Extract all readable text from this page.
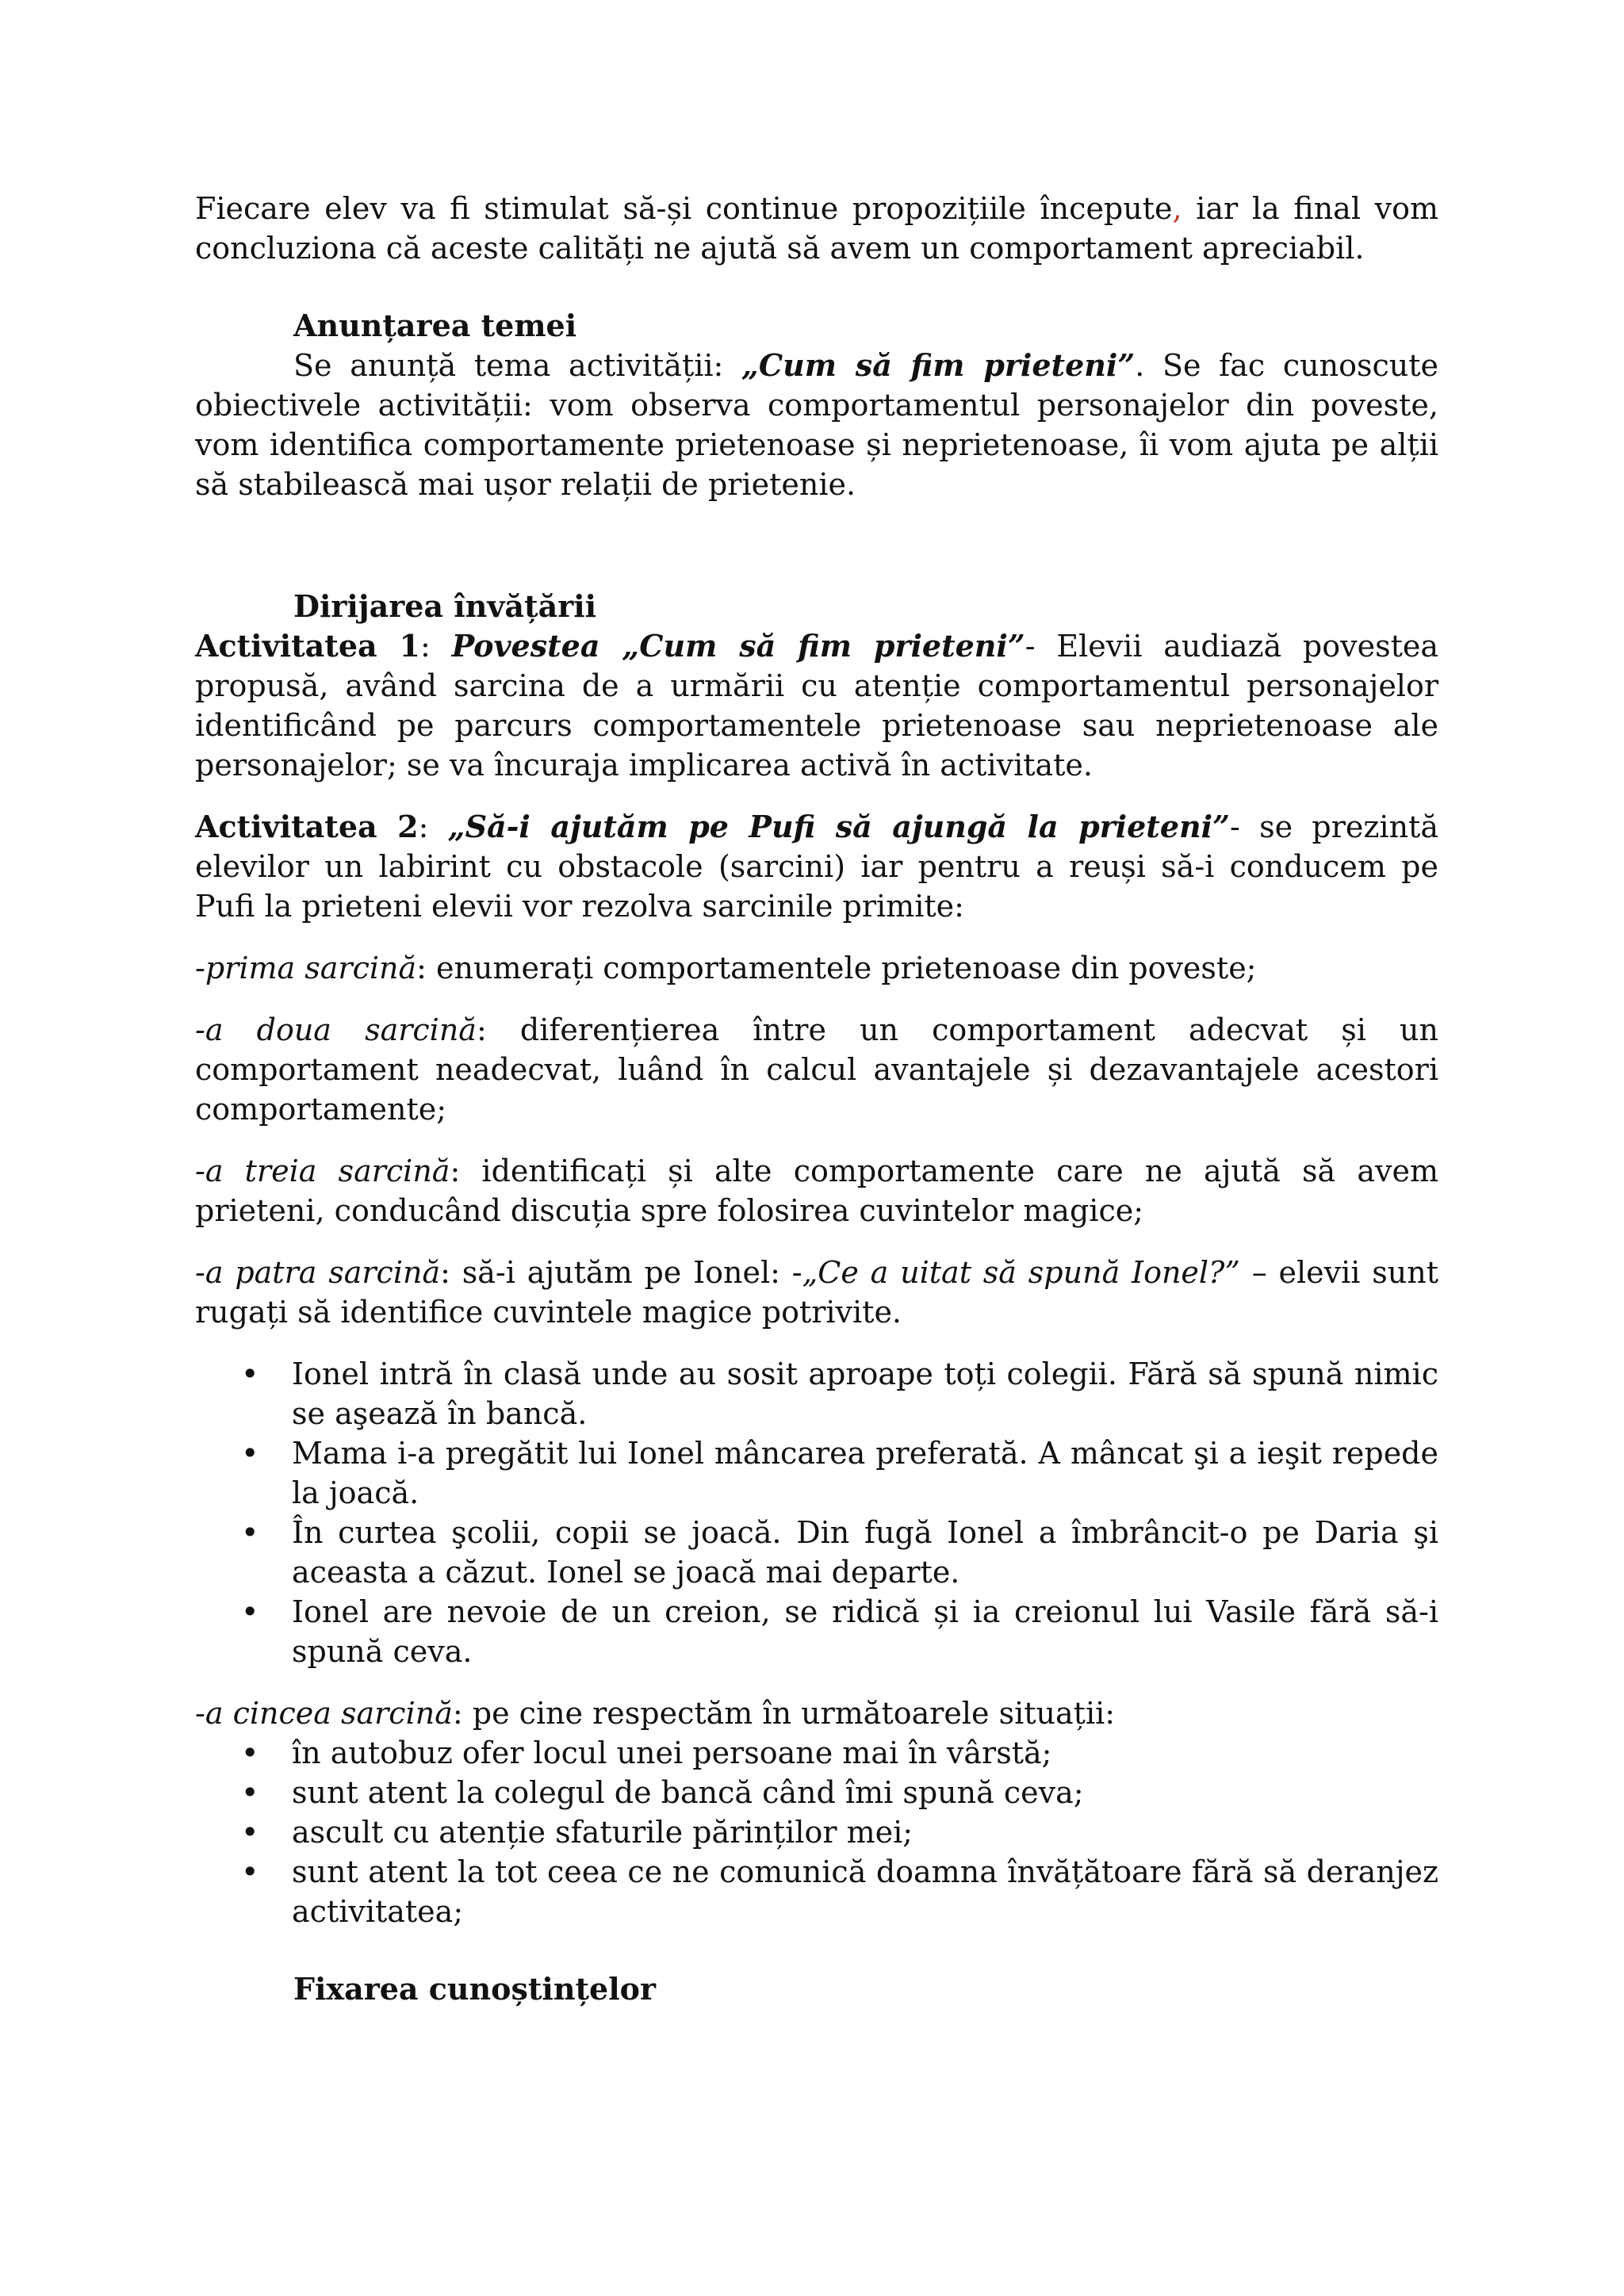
Fiecare elev va fi stimulat să-și continue propozițiile începute, iar la final vom concluziona că aceste calități ne ajută să avem un comportament apreciabil.

Anunțarea temei

Se anunță tema activității: „Cum să fim prieteni”. Se fac cunoscute obiectivele activității: vom observa comportamentul personajelor din poveste, vom identifica comportamente prietenoase și neprietenoase, îi vom ajuta pe alții să stabilească mai ușor relații de prietenie.

Dirijarea învățării

Activitatea 1: Povestea „Cum să fim prieteni”- Elevii audiază povestea propusă, având sarcina de a urmării cu atenție comportamentul personajelor identificând pe parcurs comportamentele prietenoase sau neprietenoase ale personajelor; se va încuraja implicarea activă în activitate.

Activitatea 2: „Să-i ajutăm pe Pufi să ajungă la prieteni”- se prezintă elevilor un labirint cu obstacole (sarcini) iar pentru a reuși să-i conducem pe Pufi la prieteni elevii vor rezolva sarcinile primite:

-prima sarcină: enumerați comportamentele prietenoase din poveste;

-a doua sarcină: diferențierea între un comportament adecvat și un comportament neadecvat, luând în calcul avantajele și dezavantajele acestori comportamente;

-a treia sarcină: identificați și alte comportamente care ne ajută să avem prieteni, conducând discuția spre folosirea cuvintelor magice;

-a patra sarcină: să-i ajutăm pe Ionel: -„Ce a uitat să spună Ionel?” – elevii sunt rugați să identifice cuvintele magice potrivite.

• Ionel intră în clasă unde au sosit aproape toți colegii. Fără să spună nimic se aşează în bancă.
• Mama i-a pregătit lui Ionel mâncarea preferată. A mâncat şi a ieşit repede la joacă.
• În curtea şcolii, copii se joacă. Din fugă Ionel a îmbrâncit-o pe Daria şi aceasta a căzut. Ionel se joacă mai departe.
• Ionel are nevoie de un creion, se ridică și ia creionul lui Vasile fără să-i spună ceva.

-a cincea sarcină: pe cine respectăm în următoarele situații:

• în autobuz ofer locul unei persoane mai în vârstă;
• sunt atent la colegul de bancă când îmi spună ceva;
• ascult cu atenție sfaturile părinților mei;
• sunt atent la tot ceea ce ne comunică doamna învățătoare fără să deranjez activitatea;

Fixarea cunoștințelor
